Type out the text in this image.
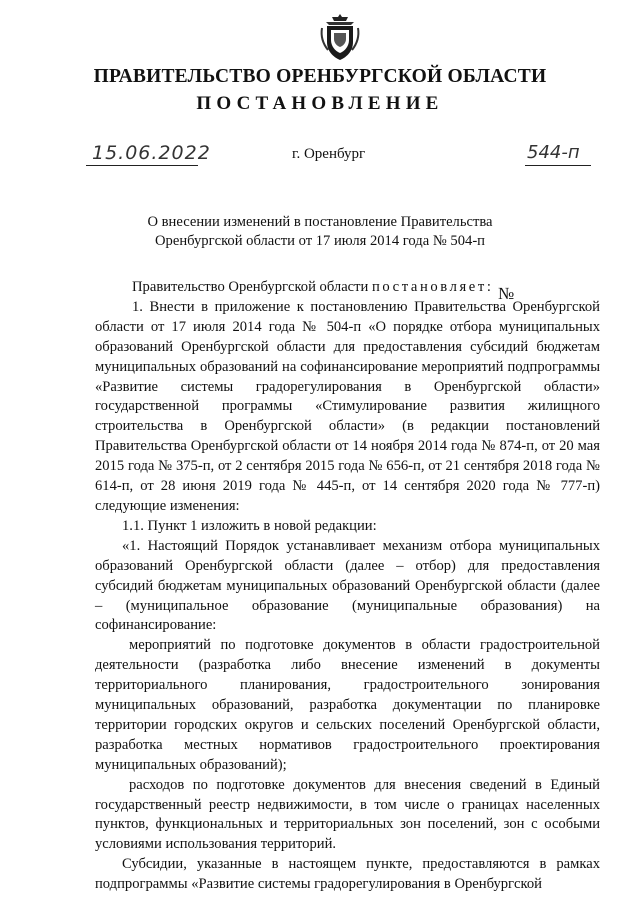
ПРАВИТЕЛЬСТВО ОРЕНБУРГСКОЙ ОБЛАСТИ
ПОСТАНОВЛЕНИЕ
15.06.2022
№
544-п
г. Оренбург
О внесении изменений в постановление Правительства
Оренбургской области от 17 июля 2014 года № 504-п

Правительство Оренбургской области постановляет:

1. Внести в приложение к постановлению Правительства Оренбургской области от 17 июля 2014 года № 504-п «О порядке отбора муниципальных образований Оренбургской области для предоставления субсидий бюджетам муниципальных образований на софинансирование мероприятий подпрограммы «Развитие системы градорегулирования в Оренбургской области» государственной программы «Стимулирование развития жилищного строительства в Оренбургской области» (в редакции постановлений Правительства Оренбургской области от 14 ноября 2014 года № 874-п, от 20 мая 2015 года № 375-п, от 2 сентября 2015 года № 656-п, от 21 сентября 2018 года № 614-п, от 28 июня 2019 года № 445-п, от 14 сентября 2020 года № 777-п) следующие изменения:

1.1. Пункт 1 изложить в новой редакции:

«1. Настоящий Порядок устанавливает механизм отбора муниципальных образований Оренбургской области (далее – отбор) для предоставления субсидий бюджетам муниципальных образований Оренбургской области (далее – (муниципальное образование (муниципальные образования) на софинансирование:

мероприятий по подготовке документов в области градостроительной деятельности (разработка либо внесение изменений в документы территориального планирования, градостроительного зонирования муниципальных образований, разработка документации по планировке территории городских округов и сельских поселений Оренбургской области, разработка местных нормативов градостроительного проектирования муниципальных образований);

расходов по подготовке документов для внесения сведений в Единый государственный реестр недвижимости, в том числе о границах населенных пунктов, функциональных и территориальных зон поселений, зон с особыми условиями использования территорий.

Субсидии, указанные в настоящем пункте, предоставляются в рамках подпрограммы «Развитие системы градорегулирования в Оренбургской
